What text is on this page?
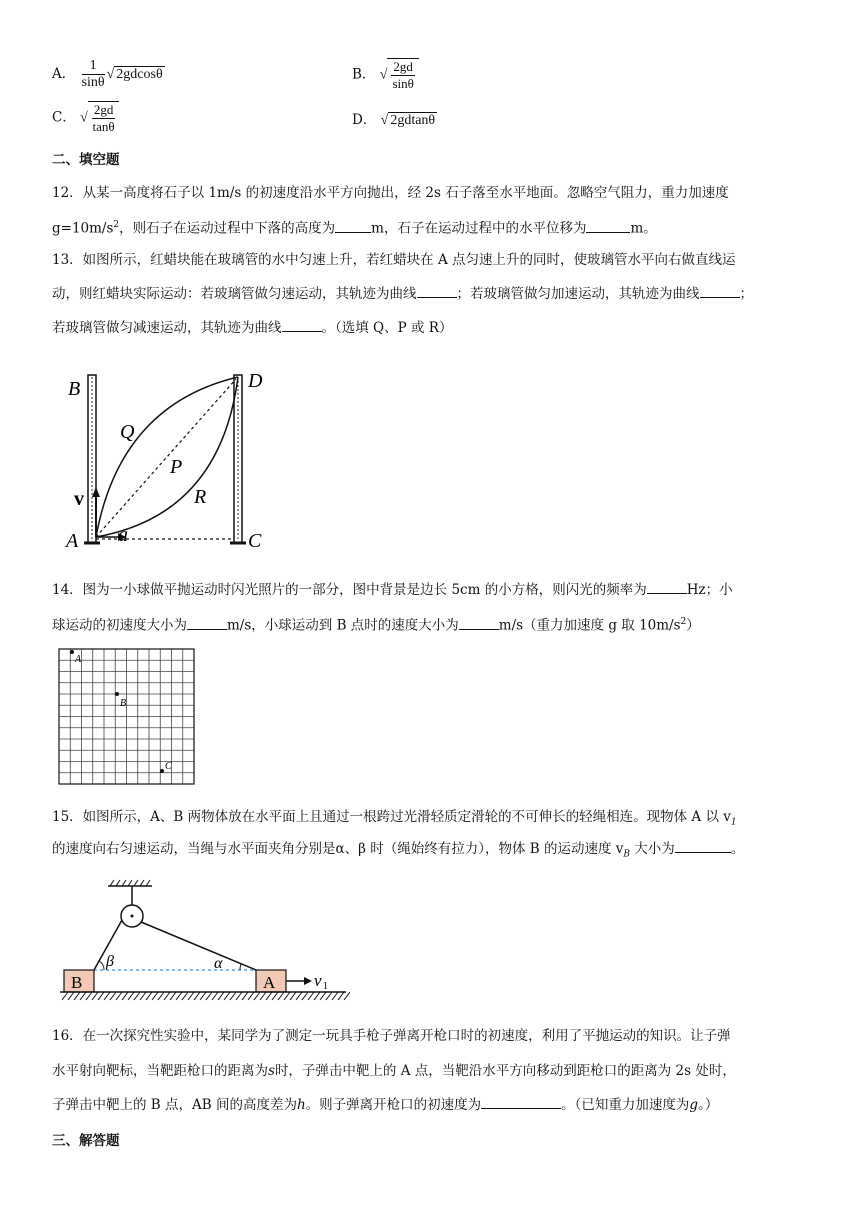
A． $\frac{1}{\sin\theta}$ √ 2gdcosθ	B． √ $\frac{2gd}{\sin\theta}$
C． √ $\frac{2gd}{\tan\theta}$	D． √ 2gdtanθ
二、填空题
12．从某一高度将石子以 1m/s 的初速度沿水平方向抛出，经 2s 石子落至水平地面。忽略空气阻力，重力加速度
$g=10m/s^2$，则石子在运动过程中下落的高度为	m，石子在运动过程中的水平位移为	m。
13．如图所示，红蜡块能在玻璃管的水中匀速上升，若红蜡块在 A 点匀速上升的同时，使玻璃管水平向右做直线运
动，则红蜡块实际运动：若玻璃管做匀速运动，其轨迹为曲线	；若玻璃管做匀加速运动，其轨迹为曲线	；
若玻璃管做匀减速运动，其轨迹为曲线	。（选填 Q、P 或 R）
B	D
Q
P
R
v
A a	C
14．图为一小球做平抛运动时闪光照片的一部分，图中背景是边长 5cm 的小方格，则闪光的频率为	Hz；小
球运动的初速度大小为	m/s，小球运动到 B 点时的速度大小为	m/s（重力加速度 g 取 $10m/s^2$）
A
B
C
15．如图所示，A、B 两物体放在水平面上且通过一根跨过光滑轻质定滑轮的不可伸长的轻绳相连。现物体 A 以 $v_1$
的速度向右匀速运动，当绳与水平面夹角分别是α、β 时（绳始终有拉力），物体 B 的运动速度 $v_B$ 大小为	。
B	A
β	α
v 1
16．在一次探究性实验中，某同学为了测定一玩具手枪子弹离开枪口时的初速度，利用了平抛运动的知识。让子弹
水平射向靶标，当靶距枪口的距离为s时，子弹击中靶上的 A 点，当靶沿水平方向移动到距枪口的距离为 2s 处时，
子弹击中靶上的 B 点，AB 间的高度差为h。则子弹离开枪口的初速度为	。（已知重力加速度为g。）
三、解答题
